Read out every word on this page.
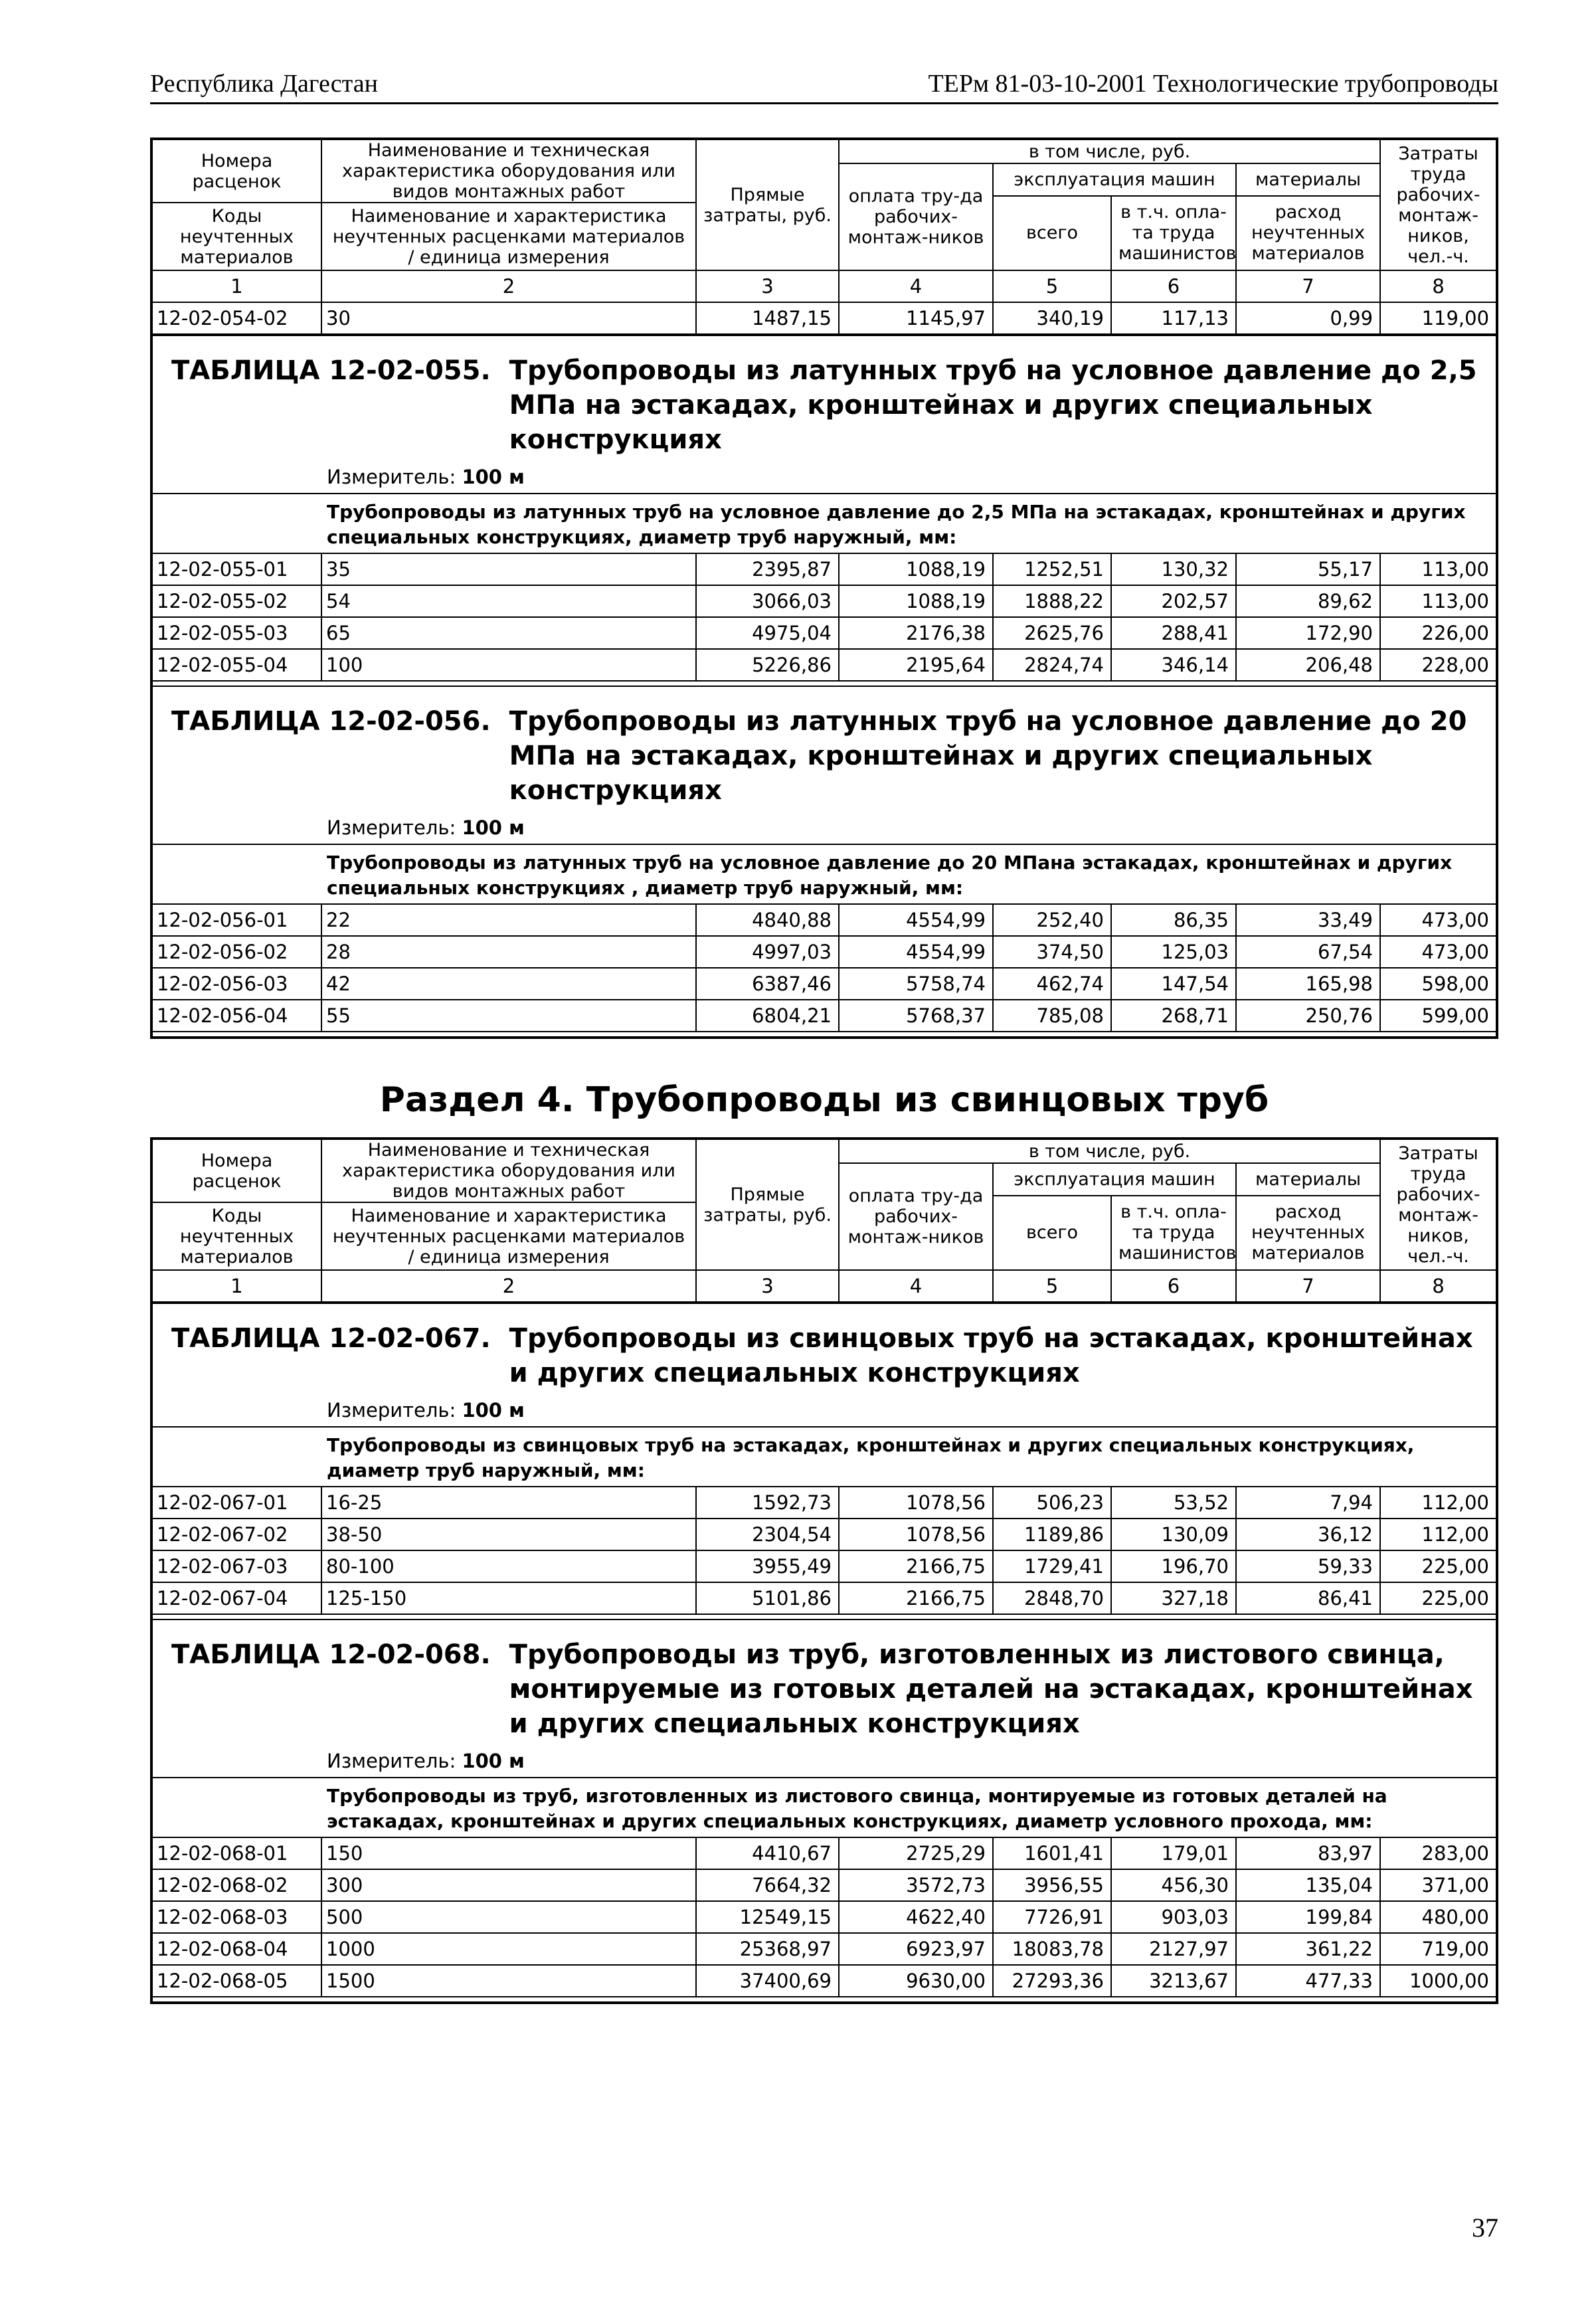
Республика Дагестан	ТЕРм 81-03-10-2001 Технологические трубопроводы
Номера расценок	Наименование и техническая характеристика оборудования или видов монтажных работ	Прямые затраты, руб.	в том числе, руб.				Затраты труда рабочих-монтаж-ников, чел.-ч.
			оплата тру-да рабочих-монтаж-ников	эксплуатация машин		материалы	
				всего	в т.ч. опла-та труда машинистов	расход неучтенных материалов	
Коды неучтенных материалов	Наименование и характеристика неучтенных расценками материалов / единица измерения						

1	2	3	4	5	6	7	8
12-02-054-02	30	1487,15	1145,97	340,19	117,13	0,99	119,00
ТАБЛИЦА 12-02-055. Трубопроводы из латунных труб на условное давление до 2,5 МПа на эстакадах, кронштейнах и других специальных конструкциях
Измеритель: 100 м
Трубопроводы из латунных труб на условное давление до 2,5 МПа на эстакадах, кронштейнах и других специальных конструкциях, диаметр труб наружный, мм:
12-02-055-01	35	2395,87	1088,19	1252,51	130,32	55,17	113,00
12-02-055-02	54	3066,03	1088,19	1888,22	202,57	89,62	113,00
12-02-055-03	65	4975,04	2176,38	2625,76	288,41	172,90	226,00
12-02-055-04	100	5226,86	2195,64	2824,74	346,14	206,48	228,00
ТАБЛИЦА 12-02-056. Трубопроводы из латунных труб на условное давление до 20 МПа на эстакадах, кронштейнах и других специальных конструкциях
Измеритель: 100 м
Трубопроводы из латунных труб на условное давление до 20 МПана эстакадах, кронштейнах и других специальных конструкциях , диаметр труб наружный, мм:
12-02-056-01	22	4840,88	4554,99	252,40	86,35	33,49	473,00
12-02-056-02	28	4997,03	4554,99	374,50	125,03	67,54	473,00
12-02-056-03	42	6387,46	5758,74	462,74	147,54	165,98	598,00
12-02-056-04	55	6804,21	5768,37	785,08	268,71	250,76	599,00
Раздел 4. Трубопроводы из свинцовых труб
Номера расценок	Наименование и техническая характеристика оборудования или видов монтажных работ	Прямые затраты, руб.	в том числе, руб.				Затраты труда рабочих-монтаж-ников, чел.-ч.
			оплата тру-да рабочих-монтаж-ников	эксплуатация машин		материалы	
				всего	в т.ч. опла-та труда машинистов	расход неучтенных материалов	
Коды неучтенных материалов	Наименование и характеристика неучтенных расценками материалов / единица измерения						

1	2	3	4	5	6	7	8
ТАБЛИЦА 12-02-067. Трубопроводы из свинцовых труб на эстакадах, кронштейнах и других специальных конструкциях
Измеритель: 100 м
Трубопроводы из свинцовых труб на эстакадах, кронштейнах и других специальных конструкциях, диаметр труб наружный, мм:
12-02-067-01	16-25	1592,73	1078,56	506,23	53,52	7,94	112,00
12-02-067-02	38-50	2304,54	1078,56	1189,86	130,09	36,12	112,00
12-02-067-03	80-100	3955,49	2166,75	1729,41	196,70	59,33	225,00
12-02-067-04	125-150	5101,86	2166,75	2848,70	327,18	86,41	225,00
ТАБЛИЦА 12-02-068. Трубопроводы из труб, изготовленных из листового свинца, монтируемые из готовых деталей на эстакадах, кронштейнах и других специальных конструкциях
Измеритель: 100 м
Трубопроводы из труб, изготовленных из листового свинца, монтируемые из готовых деталей на эстакадах, кронштейнах и других специальных конструкциях, диаметр условного прохода, мм:
12-02-068-01	150	4410,67	2725,29	1601,41	179,01	83,97	283,00
12-02-068-02	300	7664,32	3572,73	3956,55	456,30	135,04	371,00
12-02-068-03	500	12549,15	4622,40	7726,91	903,03	199,84	480,00
12-02-068-04	1000	25368,97	6923,97	18083,78	2127,97	361,22	719,00
12-02-068-05	1500	37400,69	9630,00	27293,36	3213,67	477,33	1000,00
37
